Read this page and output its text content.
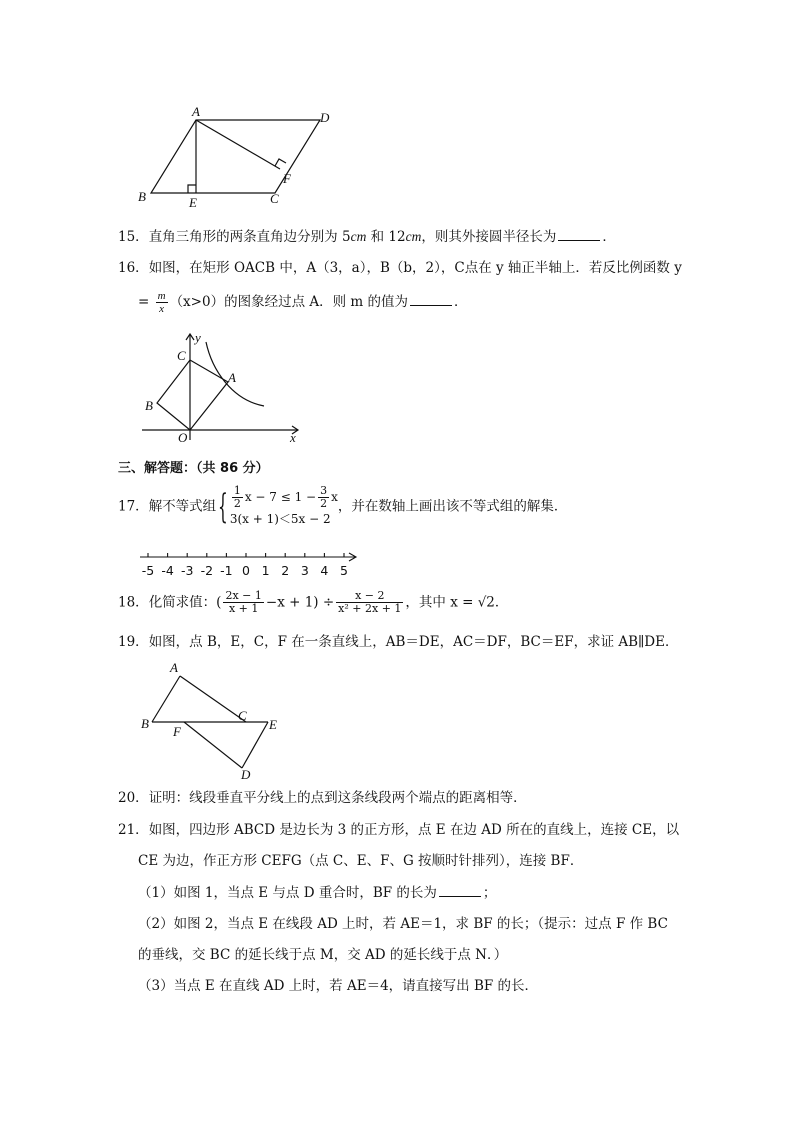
A	D
F
B	E	C
15．直角三角形的两条直角边分别为 5cm 和 12cm，则其外接圆半径长为	．
16．如图，在矩形 OACB 中，A（3，a），B（b，2），C点在 y 轴正半轴上．若反比例函数 y
= $\frac{m}{x} (x>0)$的图象经过点 A．则 m 的值为	．
y
C
A
B
O	x
三、解答题：（共 86 分）
17．解不等式组{ $\frac{1}{2}$ $x - 7 \le 1 - \frac{3}{2}$ x
3(x + 1)＜5x − 2
，并在数轴上画出该不等式组的解集．
-5 -4 -3 -2 -1 0 1 2 3 4 5
18．化简求值：( $\frac{2x - 1}{x + 1} -x + 1) \div \frac{x - 2}{\text{x² + 2x + 1}}$ ，其中 x = √2．
19．如图，点 B，E，C，F 在一条直线上，AB＝DE，AC＝DF，BC＝EF，求证 AB∥DE．
A
B
C
E
F
D
20．证明：线段垂直平分线上的点到这条线段两个端点的距离相等．
21．如图，四边形 ABCD 是边长为 3 的正方形，点 E 在边 AD 所在的直线上，连接 CE，以
CE 为边，作正方形 CEFG（点 C、E、F、G 按顺时针排列），连接 BF．
（1）如图 1，当点 E 与点 D 重合时，BF 的长为	；
（2）如图 2，当点 E 在线段 AD 上时，若 AE＝1，求 BF 的长；（提示：过点 F 作 BC
的垂线，交 BC 的延长线于点 M，交 AD 的延长线于点 N．）
（3）当点 E 在直线 AD 上时，若 AE＝4，请直接写出 BF 的长．
